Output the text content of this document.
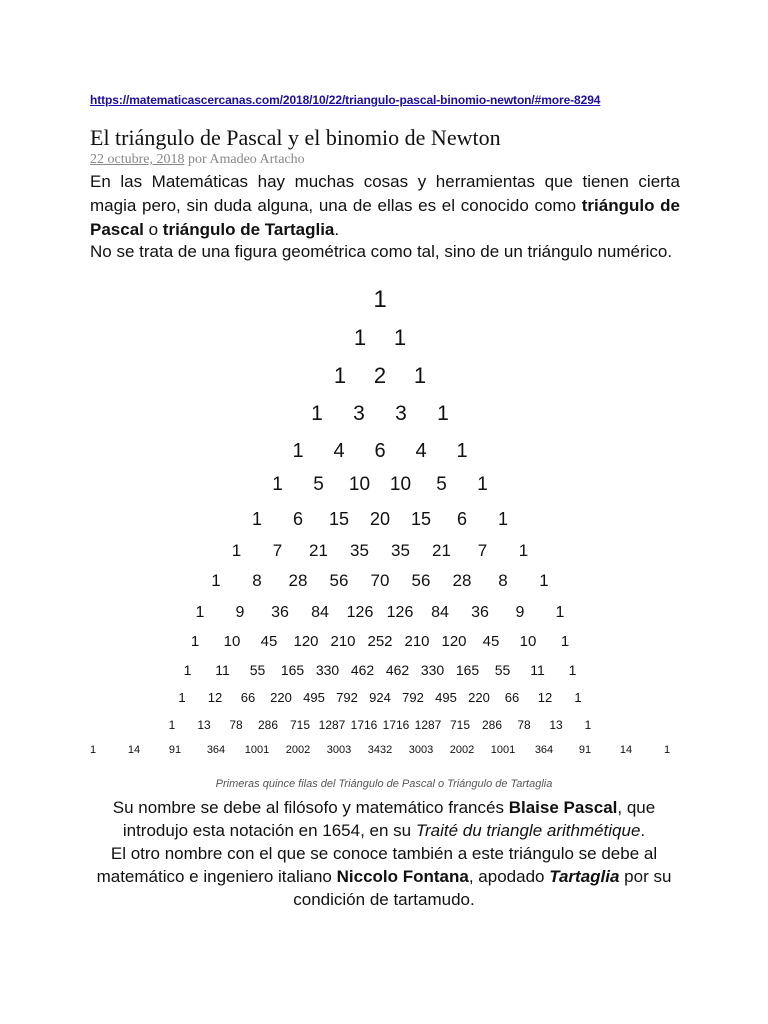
https://matematicascercanas.com/2018/10/22/triangulo-pascal-binomio-newton/#more-8294
El triángulo de Pascal y el binomio de Newton
22 octubre, 2018 por Amadeo Artacho

En las Matemáticas hay muchas cosas y herramientas que tienen cierta magia pero, sin duda alguna, una de ellas es el conocido como triángulo de Pascal o triángulo de Tartaglia.

No se trata de una figura geométrica como tal, sino de un triángulo numérico.

1
1 1
1 2 1
1 3 3 1
1 4 6 4 1
1 5 10 10 5 1
1 6 15 20 15 6 1
1 7 21 35 35 21 7 1
1 8 28 56 70 56 28 8 1
1 9 36 84 126 126 84 36 9 1
1 10 45 120 210 252 210 120 45 10 1
1 11 55 165 330 462 462 330 165 55 11 1
1 12 66 220 495 792 924 792 495 220 66 12 1
1 13 78 286 715 1287 1716 1716 1287 715 286 78 13 1
1	14	91 364 1001 2002 3003 3432 3003 2002 1001 364 91	14	1
Primeras quince filas del Triángulo de Pascal o Triángulo de Tartaglia

Su nombre se debe al filósofo y matemático francés Blaise Pascal, que introdujo esta notación en 1654, en su Traité du triangle arithmétique.
El otro nombre con el que se conoce también a este triángulo se debe al matemático e ingeniero italiano Niccolo Fontana, apodado Tartaglia por su condición de tartamudo.
